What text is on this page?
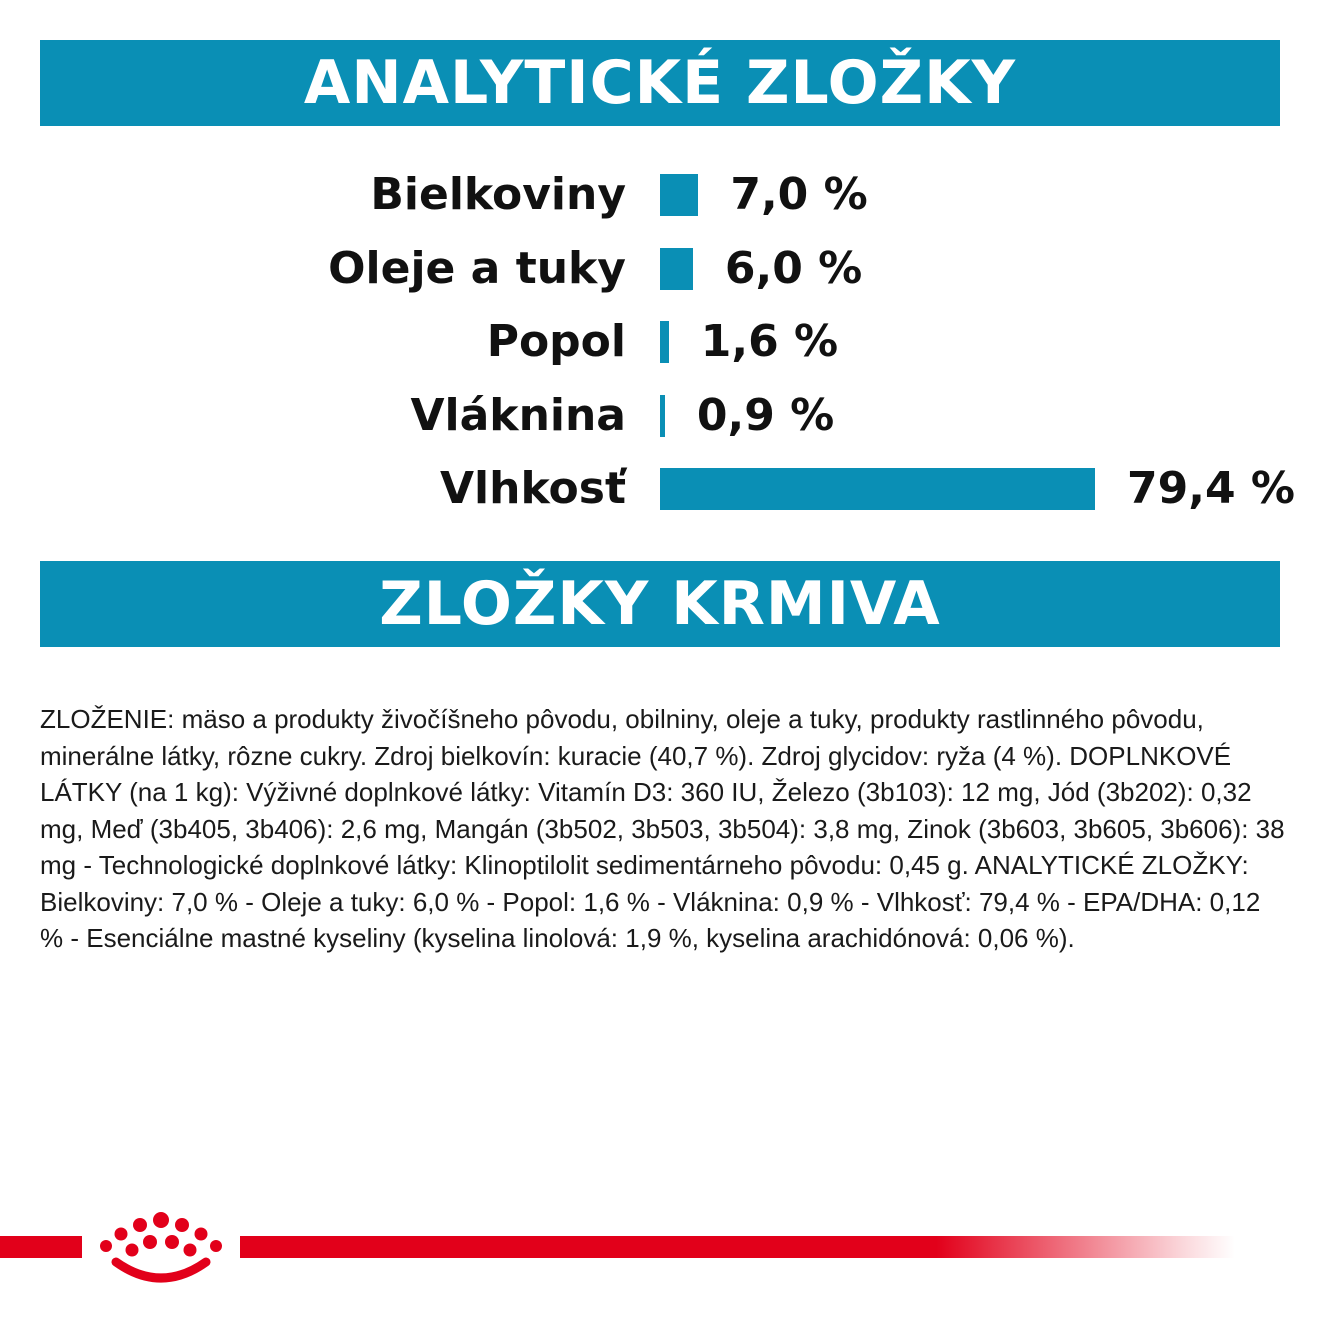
ANALYTICKÉ ZLOŽKY
Bielkoviny 7,0 %
Oleje a tuky 6,0 %
Popol 1,6 %
Vláknina 0,9 %
Vlhkosť	79,4 %
ZLOŽKY KRMIVA

ZLOŽENIE: mäso a produkty živočíšneho pôvodu, obilniny, oleje a tuky, produkty rastlinného pôvodu, minerálne látky, rôzne cukry. Zdroj bielkovín: kuracie (40,7 %). Zdroj glycidov: ryža (4 %). DOPLNKOVÉ LÁTKY (na 1 kg): Výživné doplnkové látky: Vitamín D3: 360 IU, Železo (3b103): 12 mg, Jód (3b202): 0,32 mg, Meď (3b405, 3b406): 2,6 mg, Mangán (3b502, 3b503, 3b504): 3,8 mg, Zinok (3b603, 3b605, 3b606): 38 mg - Technologické doplnkové látky: Klinoptilolit sedimentárneho pôvodu: 0,45 g. ANALYTICKÉ ZLOŽKY: Bielkoviny: 7,0 % - Oleje a tuky: 6,0 % - Popol: 1,6 % - Vláknina: 0,9 % - Vlhkosť: 79,4 % - EPA/DHA: 0,12 % - Esenciálne mastné kyseliny (kyselina linolová: 1,9 %, kyselina arachidónová: 0,06 %).
